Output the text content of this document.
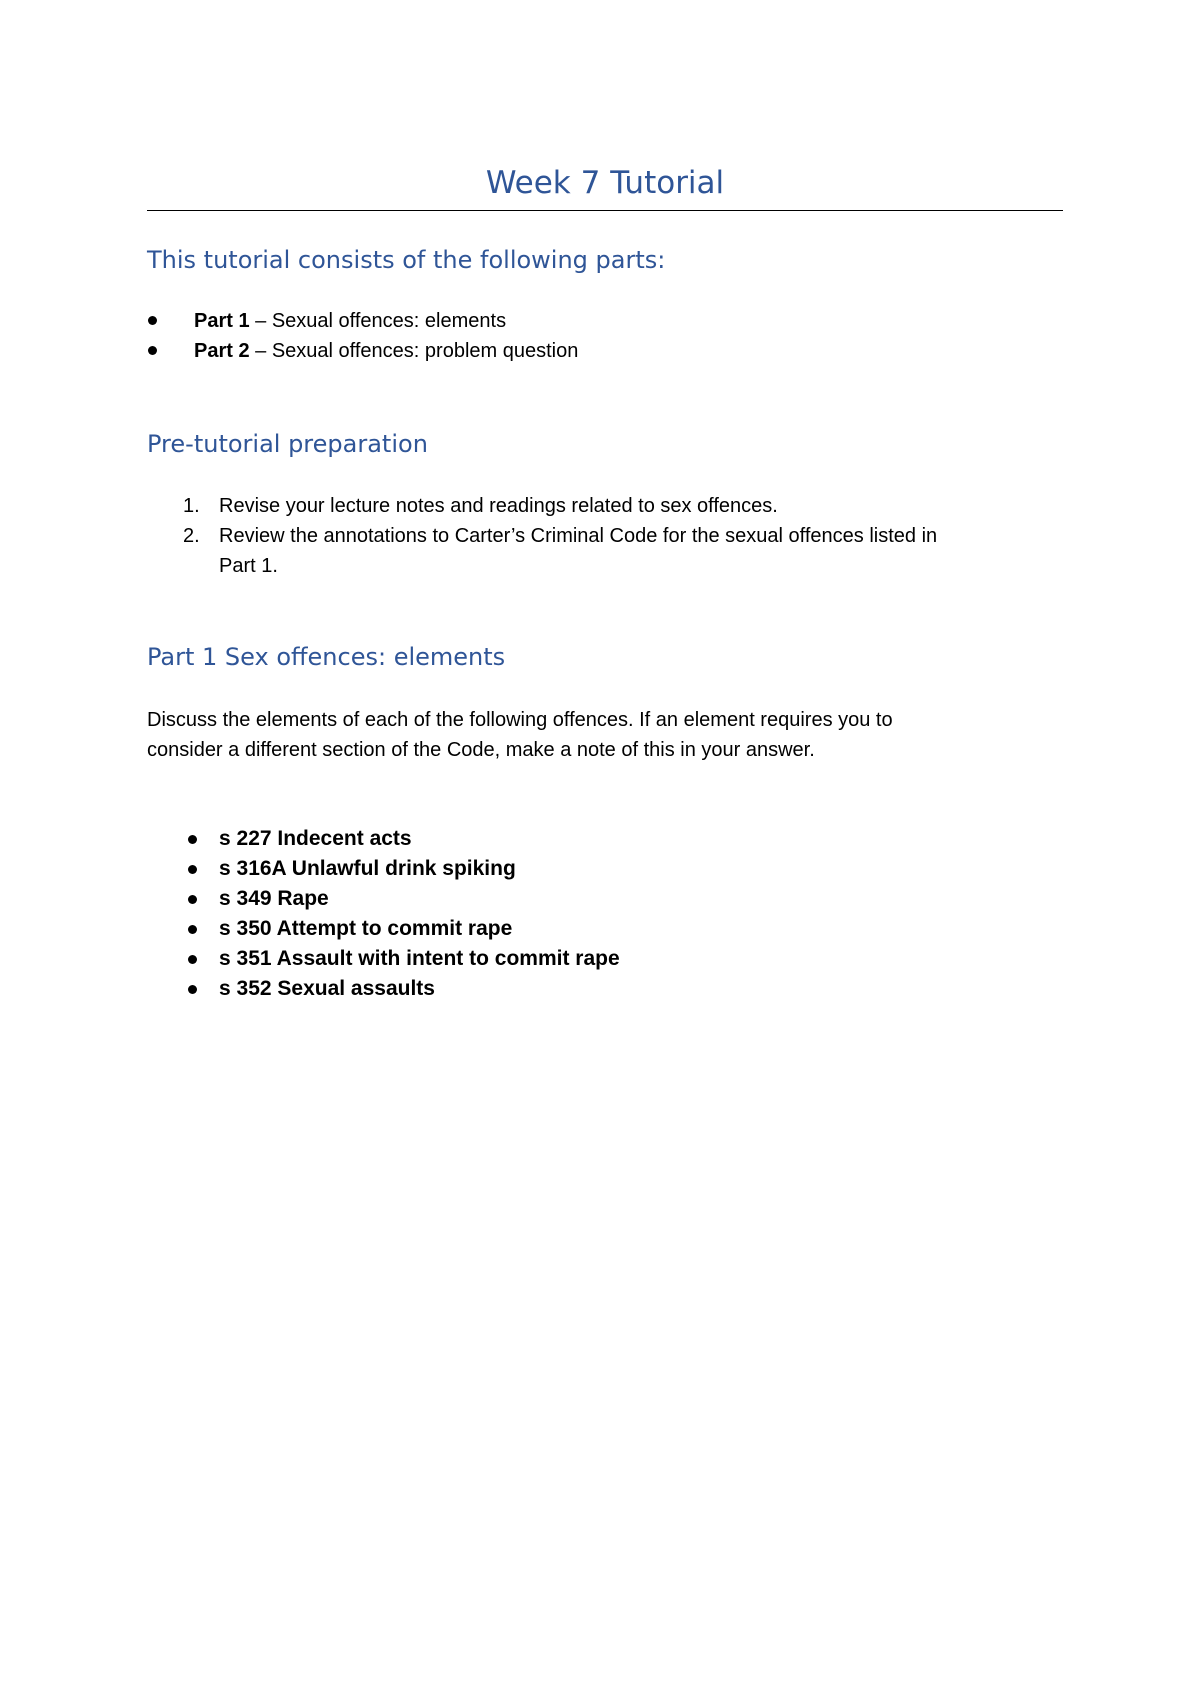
Week 7 Tutorial
This tutorial consists of the following parts:
Part 1 – Sexual offences: elements
Part 2 – Sexual offences: problem question
Pre-tutorial preparation
1. Revise your lecture notes and readings related to sex offences.
2. Review the annotations to Carter’s Criminal Code for the sexual offences listed in
Part 1.
Part 1 Sex offences: elements
Discuss the elements of each of the following offences. If an element requires you to
consider a different section of the Code, make a note of this in your answer.
s 227 Indecent acts
s 316A Unlawful drink spiking
s 349 Rape
s 350 Attempt to commit rape
s 351 Assault with intent to commit rape
s 352 Sexual assaults
